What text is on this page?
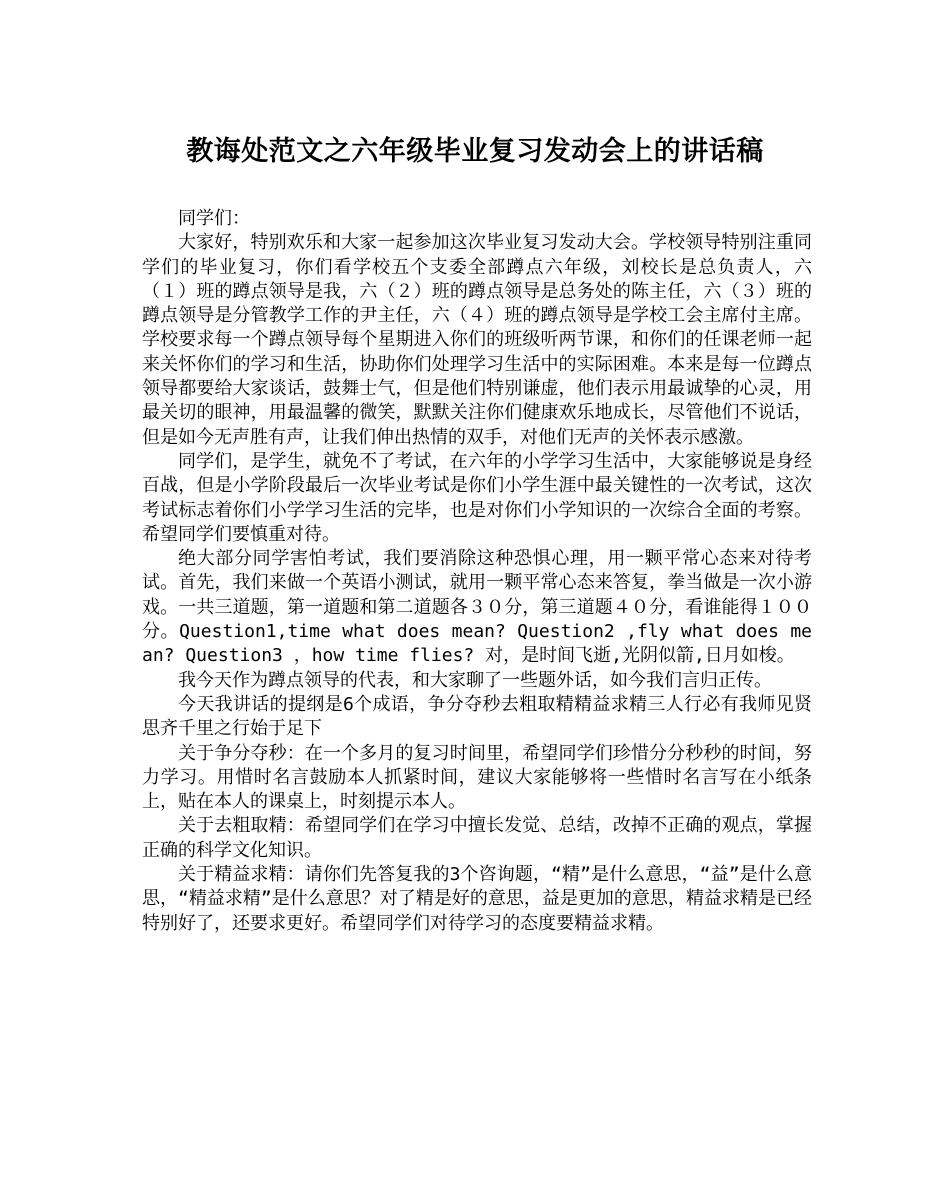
教诲处范文之六年级毕业复习发动会上的讲话稿

同学们：

大家好，特别欢乐和大家一起参加这次毕业复习发动大会。学校领导特别注重同学们的毕业复习，你们看学校五个支委全部蹲点六年级，刘校长是总负责人，六（１）班的蹲点领导是我，六（２）班的蹲点领导是总务处的陈主任，六（３）班的蹲点领导是分管教学工作的尹主任，六（４）班的蹲点领导是学校工会主席付主席。学校要求每一个蹲点领导每个星期进入你们的班级听两节课，和你们的任课老师一起来关怀你们的学习和生活，协助你们处理学习生活中的实际困难。本来是每一位蹲点领导都要给大家谈话，鼓舞士气，但是他们特别谦虚，他们表示用最诚挚的心灵，用最关切的眼神，用最温馨的微笑，默默关注你们健康欢乐地成长，尽管他们不说话，但是如今无声胜有声，让我们伸出热情的双手，对他们无声的关怀表示感激。

同学们，是学生，就免不了考试，在六年的小学学习生活中，大家能够说是身经百战，但是小学阶段最后一次毕业考试是你们小学生涯中最关键性的一次考试，这次考试标志着你们小学学习生活的完毕，也是对你们小学知识的一次综合全面的考察。希望同学们要慎重对待。

绝大部分同学害怕考试，我们要消除这种恐惧心理，用一颗平常心态来对待考试。首先，我们来做一个英语小测试，就用一颗平常心态来答复，拳当做是一次小游戏。一共三道题，第一道题和第二道题各３０分，第三道题４０分，看谁能得１００分。Question1,time what does mean? Question2 ,fly what does mean? Question3 ，how time flies? 对，是时间飞逝,光阴似箭,日月如梭。

我今天作为蹲点领导的代表，和大家聊了一些题外话，如今我们言归正传。

今天我讲话的提纲是6个成语，争分夺秒去粗取精精益求精三人行必有我师见贤思齐千里之行始于足下

关于争分夺秒：在一个多月的复习时间里，希望同学们珍惜分分秒秒的时间，努力学习。用惜时名言鼓励本人抓紧时间，建议大家能够将一些惜时名言写在小纸条上，贴在本人的课桌上，时刻提示本人。

关于去粗取精：希望同学们在学习中擅长发觉、总结，改掉不正确的观点，掌握正确的科学文化知识。

关于精益求精：请你们先答复我的3个咨询题，“精”是什么意思，“益”是什么意思，“精益求精”是什么意思？对了精是好的意思，益是更加的意思，精益求精是已经特别好了，还要求更好。希望同学们对待学习的态度要精益求精。
